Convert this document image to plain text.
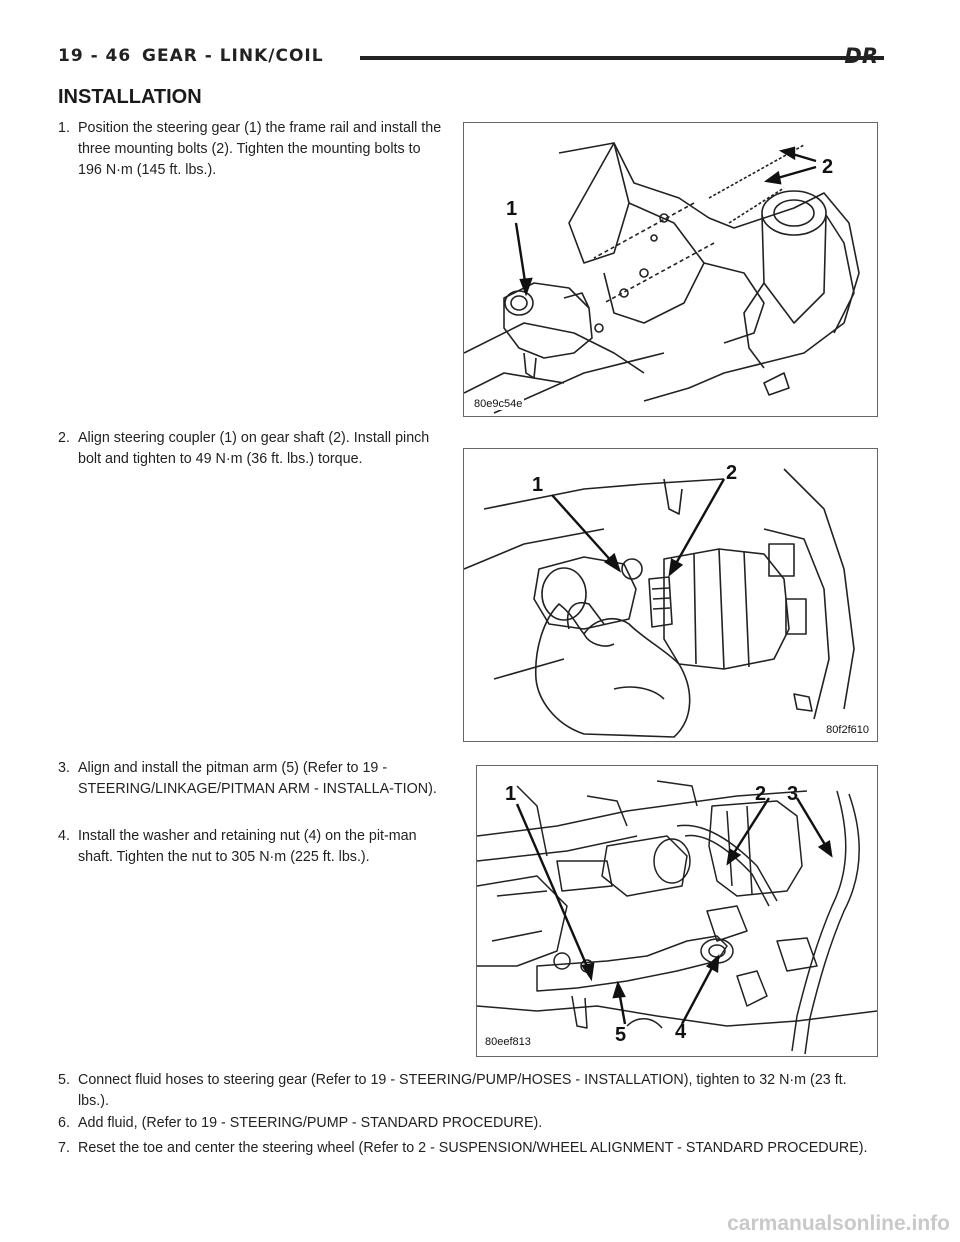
19 - 46 GEAR - LINK/COIL	DR
INSTALLATION
1. Position the steering gear (1) the frame rail and install the three mounting bolts (2). Tighten the mounting bolts to 196 N·m (145 ft. lbs.).
1
2
80e9c54e
2. Align steering coupler (1) on gear shaft (2). Install pinch bolt and tighten to 49 N·m (36 ft. lbs.) torque.
1
2
80f2f610
3. Align and install the pitman arm (5) (Refer to 19 - STEERING/LINKAGE/PITMAN ARM - INSTALLA-TION).
4. Install the washer and retaining nut (4) on the pit-man shaft. Tighten the nut to 305 N·m (225 ft. lbs.).
1	2 3
4
5
80eef813
5. Connect fluid hoses to steering gear (Refer to 19 - STEERING/PUMP/HOSES - INSTALLATION), tighten to 32 N·m (23 ft. lbs.).
6. Add fluid, (Refer to 19 - STEERING/PUMP - STANDARD PROCEDURE).
7. Reset the toe and center the steering wheel (Refer to 2 - SUSPENSION/WHEEL ALIGNMENT - STANDARD PROCEDURE).
carmanualsonline.info
